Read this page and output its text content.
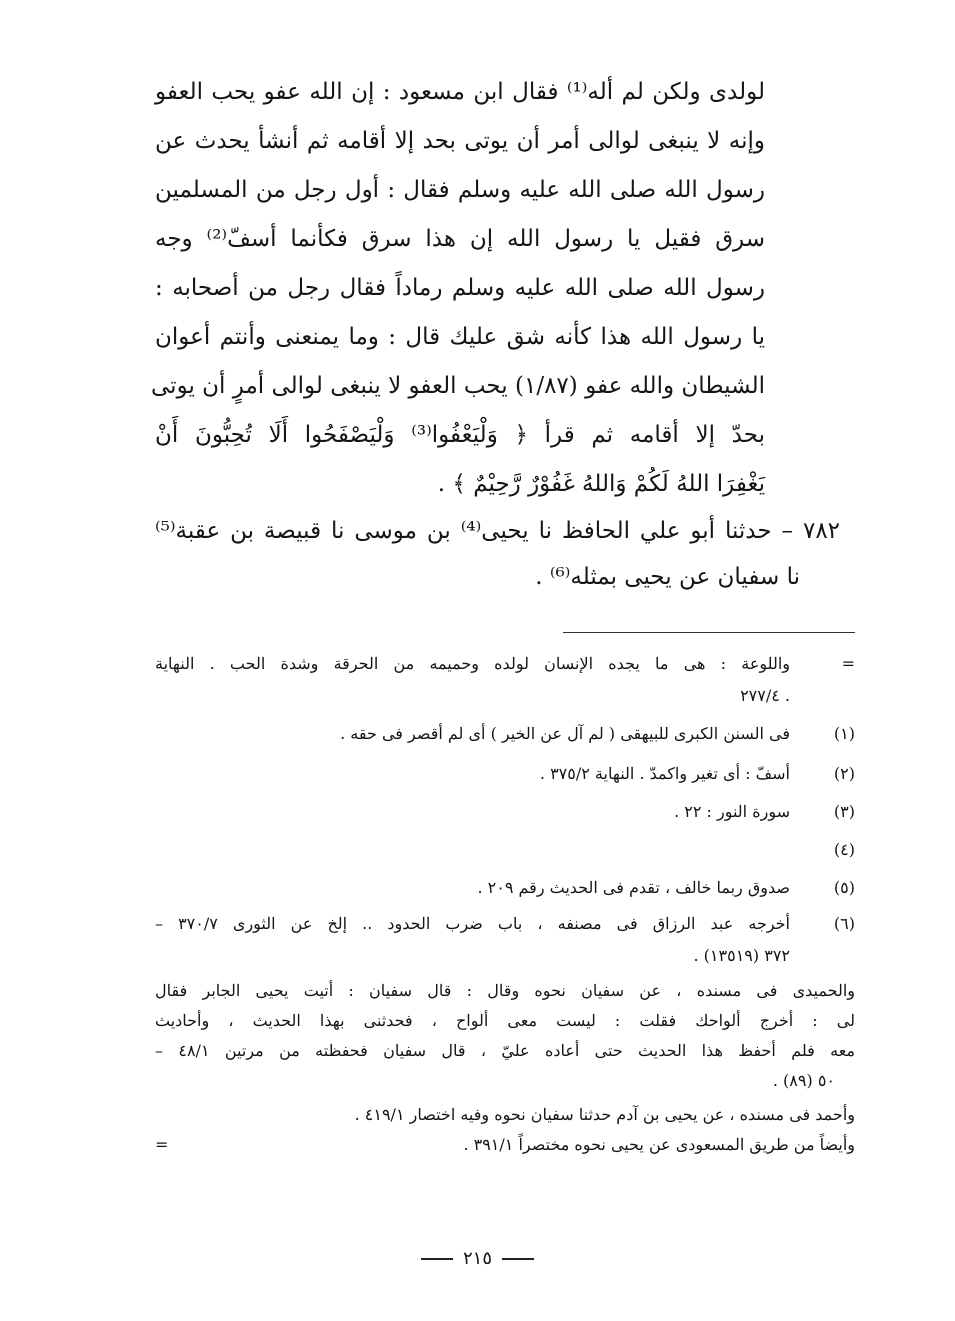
لولدى ولكن لم أله⁽¹⁾ فقال ابن مسعود : إن الله عفو يحب العفو
وإنه لا ينبغى لوالى أمر أن يوتى بحد إلا أقامه ثم أنشأ يحدث عن
رسول الله صلى الله عليه وسلم فقال : أول رجل من المسلمين
سرق فقيل يا رسول الله إن هذا سرق فكأنما أسفّ⁽²⁾ وجه
رسول الله صلى الله عليه وسلم رماداً فقال رجل من أصحابه :
يا رسول الله هذا كأنه شق عليك قال : وما يمنعنى وأنتم أعوان
الشيطان والله عفو (١/٨٧) يحب العفو لا ينبغى لوالى أمرٍ أن يوتى
بحدّ إلا أقامه ثم قرأ ﴿ وَلْيَعْفُوا⁽³⁾ وَلْيَصْفَحُوا أَلَا تُحِبُّونَ أَنْ
يَغْفِرَا اللهُ لَكُمْ وَاللهُ غَفُوْرٌ رَّحِيْمٌ ﴾ .
٧٨٢ – حدثنا أبو علي الحافظ نا يحيى⁽⁴⁾ بن موسى نا قبيصة بن عقبة⁽⁵⁾
نا سفيان عن يحيى بمثله⁽⁶⁾ .
=
واللوعة : هى ما يجده الإنسان لولده وحميمه من الحرقة وشدة الحب . النهاية
. ٢٧٧/٤
(١)
فى السنن الكبرى للبيهقى ( لم آل عن الخير ) أى لم أقصر فى حقه .
(٢)
أسفّ : أى تغير واكمدّ . النهاية ٣٧٥/٢ .
(٣)
سورة النور : ٢٢ .
(٤)
(٥)
صدوق ربما خالف ، تقدم فى الحديث رقم ٢٠٩ .
(٦)
أخرجه عبد الرزاق فى مصنفه ، باب ضرب الحدود .. إلخ عن الثورى ٣٧٠/٧ –
٣٧٢ (١٣٥١٩) .
والحميدى فى مسنده ، عن سفيان نحوه وقال : قال سفيان : أتيت يحيى الجابر فقال
لى : أخرج ألواحك فقلت : ليست معى ألواح ، فحدثنى بهذا الحديث ، وأحاديث
معه فلم أحفظ هذا الحديث حتى أعاده عليّ ، قال سفيان فحفظته من مرتين ٤٨/١ –
٥٠ (٨٩) .
وأحمد فى مسنده ، عن يحيى بن آدم حدثنا سفيان نحوه وفيه اختصار ٤١٩/١ .
وأيضاً من طريق المسعودى عن يحيى نحوه مختصراً ٣٩١/١ .
=
٢١٥
